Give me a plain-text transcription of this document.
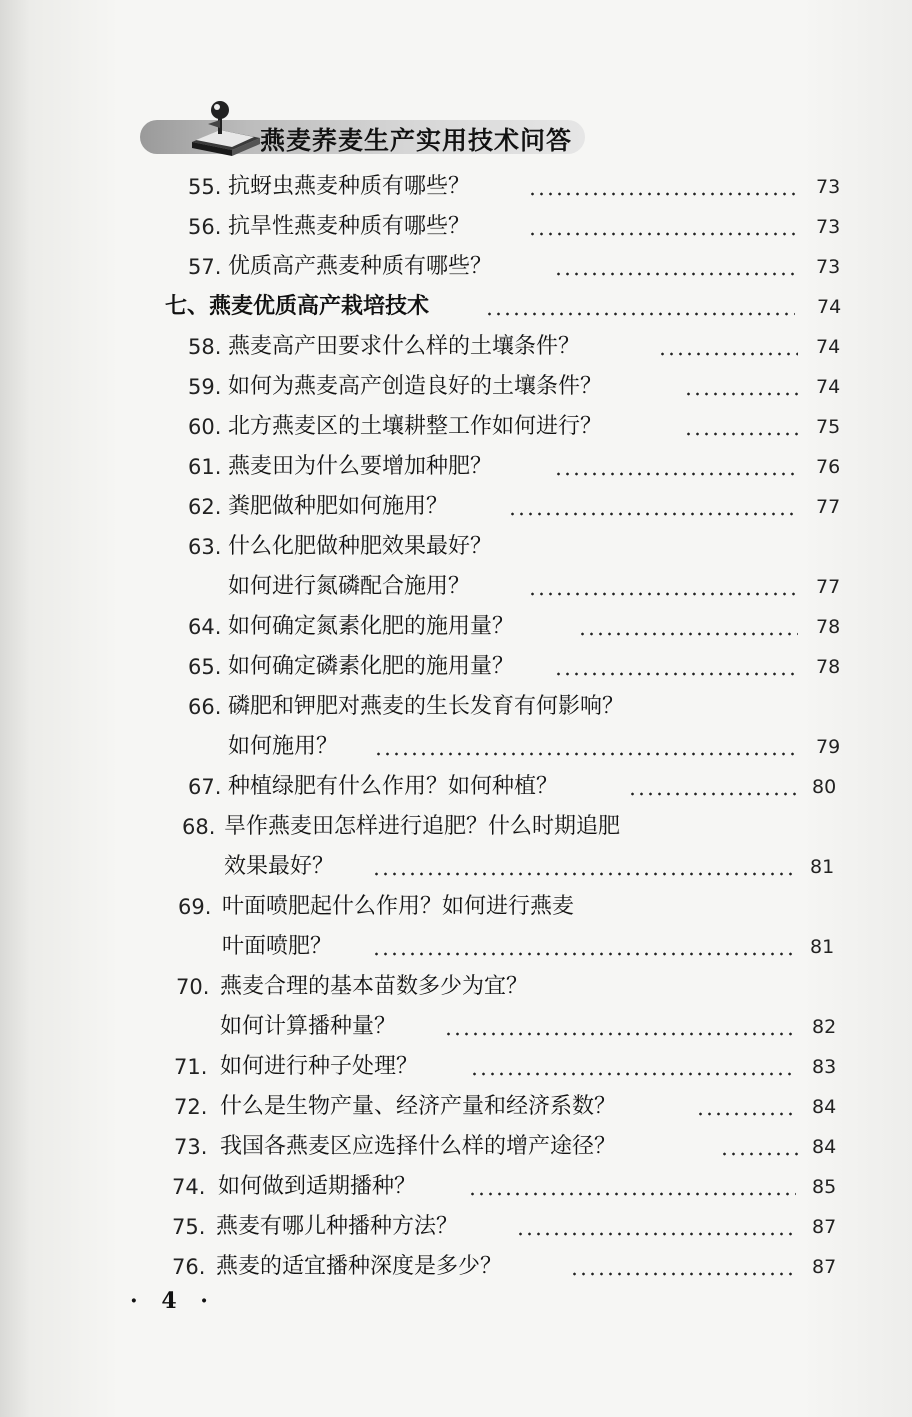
燕麦荞麦生产实用技术问答
55. 抗蚜虫燕麦种质有哪些？	73
56. 抗旱性燕麦种质有哪些？	73
57. 优质高产燕麦种质有哪些？	73
七、燕麦优质高产栽培技术	74
58. 燕麦高产田要求什么样的土壤条件？	74
59. 如何为燕麦高产创造良好的土壤条件？	74
60. 北方燕麦区的土壤耕整工作如何进行？	75
61. 燕麦田为什么要增加种肥？	76
62. 粪肥做种肥如何施用？	77
63. 什么化肥做种肥效果最好？
如何进行氮磷配合施用？	77
64. 如何确定氮素化肥的施用量？	78
65. 如何确定磷素化肥的施用量？	78
66. 磷肥和钾肥对燕麦的生长发育有何影响？
如何施用？	79
67. 种植绿肥有什么作用？如何种植？	80
68. 旱作燕麦田怎样进行追肥？什么时期追肥
效果最好？	81
69. 叶面喷肥起什么作用？如何进行燕麦
叶面喷肥？	81
70. 燕麦合理的基本苗数多少为宜？
如何计算播种量？	82
71. 如何进行种子处理？	83
72. 什么是生物产量、经济产量和经济系数？	84
73. 我国各燕麦区应选择什么样的增产途径？	84
74. 如何做到适期播种？	85
75. 燕麦有哪儿种播种方法？	87
76. 燕麦的适宜播种深度是多少？	87
· 4 ·
